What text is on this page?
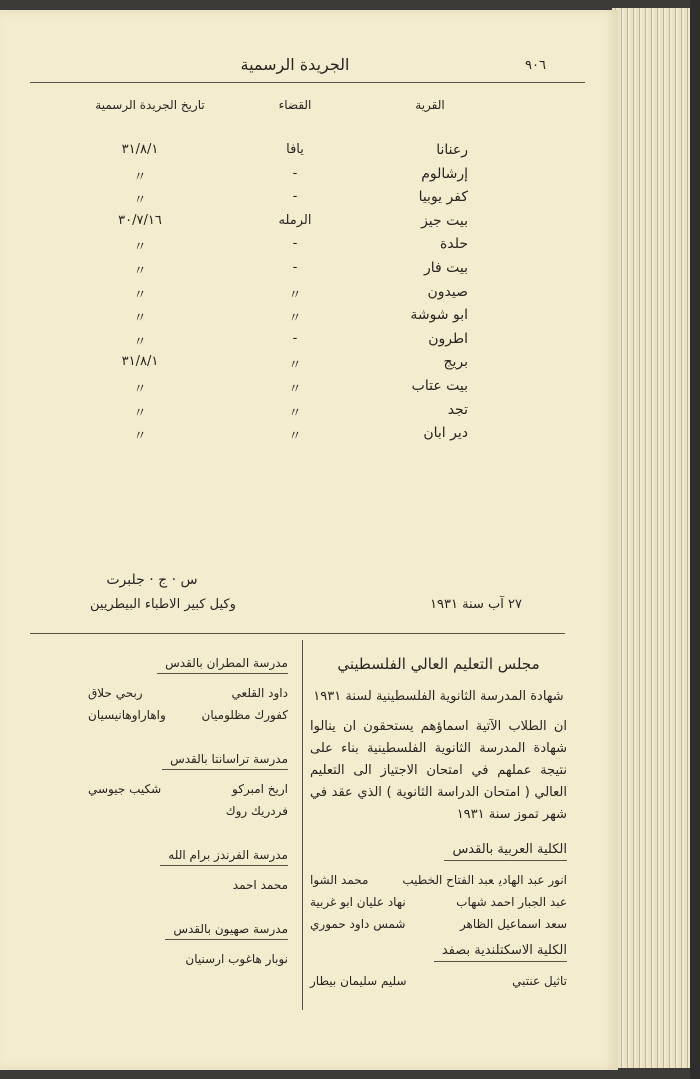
٩٠٦
الجريدة الرسمية
القرية
القضاء
تاريخ الجريدة الرسمية
رعنانا
يافا
٣١/٨/١
إرشالوم
-
〃
كفر يوبيا
-
〃
بيت جيز
الرمله
٣٠/٧/١٦
حلدة
-
〃
بيت فار
-
〃
صيدون
〃
〃
ابو شوشة
〃
〃
اطرون
-
〃
بريج
〃
٣١/٨/١
بيت عتاب
〃
〃
تجد
〃
〃
دير ابان
〃
〃
٢٧ آب سنة ١٩٣١
س · ج · جلبرت
وكيل كبير الاطباء البيطريين
مجلس التعليم العالي الفلسطيني
شهادة المدرسة الثانوية الفلسطينية لسنة ١٩٣١
ان الطلاب الآتية اسماؤهم يستحقون ان ينالوا شهادة المدرسة الثانوية الفلسطينية بناء على نتيجة عملهم في امتحان الاجتياز الى التعليم العالي ( امتحان الدراسة الثانوية ) الذي عقد في شهر تموز سنة ١٩٣١
الكلية العربية بالقدس
انور عبد الهاديعبد الفتاح الخطيب
محمد الشوا
عبد الجبار احمد شهاب
نهاد عليان ابو غربية
سعد اسماعيل الظاهر
شمس داود حموري
الكلية الاسكتلندية بصفد
تاثيل عنتبي
سليم سليمان بيطار
مدرسة المطران بالقدس
داود القلعي
ربحي حلاق
كفورك مظلوميان
واهاراوهانيسيان
مدرسة تراسانتا بالقدس
اريخ امبركو
شكيب جيوسي
فردريك روك
مدرسة الفرندز برام الله
محمد احمد
مدرسة صهيون بالقدس
نوبار هاغوب ارسنيان
